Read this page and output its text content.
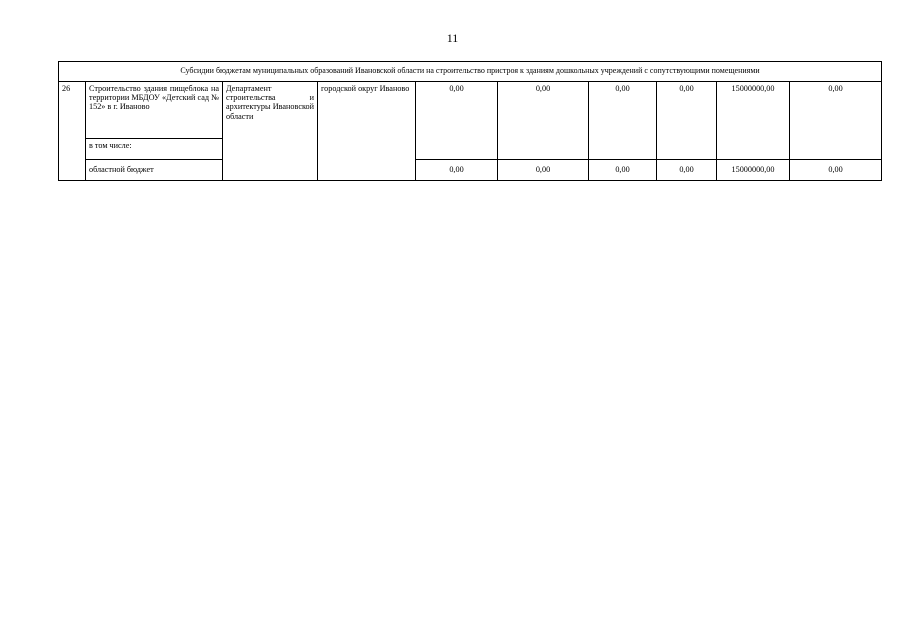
11
Субсидии бюджетам муниципальных образований Ивановской области на строительство пристроя к зданиям дошкольных учреждений с сопутствующими помещениями									
26	Строительство здания пищеблока на территории МБДОУ «Детский сад № 152» в г. Иваново	Департамент строительства и архитектуры Ивановской области	городской округ Иваново	0,00	0,00	0,00	0,00	15000000,00	0,00
	в том числе:								
	областной бюджет			0,00	0,00	0,00	0,00	15000000,00	0,00
